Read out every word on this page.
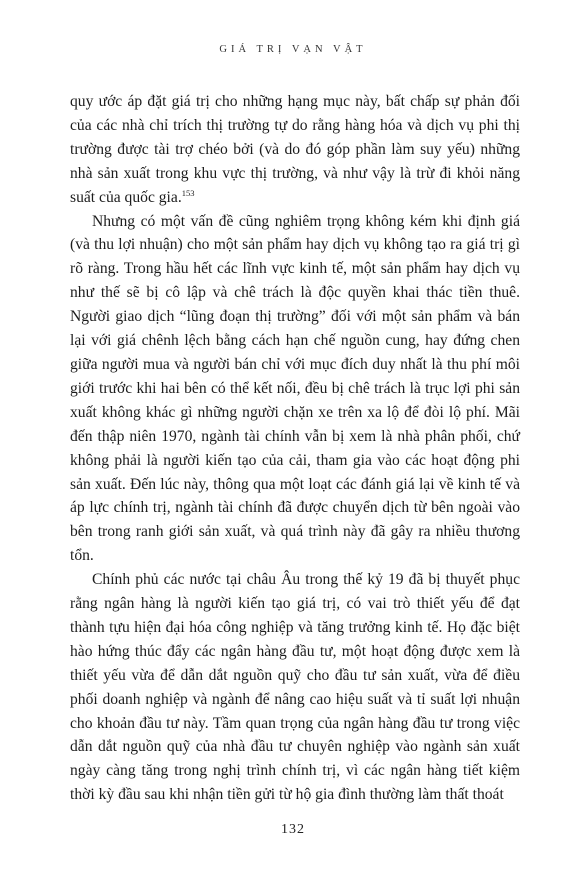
GIÁ TRỊ VẠN VẬT

quy ước áp đặt giá trị cho những hạng mục này, bất chấp sự phản đối của các nhà chỉ trích thị trường tự do rằng hàng hóa và dịch vụ phi thị trường được tài trợ chéo bởi (và do đó góp phần làm suy yếu) những nhà sản xuất trong khu vực thị trường, và như vậy là trừ đi khỏi năng suất của quốc gia.$^{153}$

Nhưng có một vấn đề cũng nghiêm trọng không kém khi định giá (và thu lợi nhuận) cho một sản phẩm hay dịch vụ không tạo ra giá trị gì rõ ràng. Trong hầu hết các lĩnh vực kinh tế, một sản phẩm hay dịch vụ như thế sẽ bị cô lập và chê trách là độc quyền khai thác tiền thuê. Người giao dịch “lũng đoạn thị trường” đối với một sản phẩm và bán lại với giá chênh lệch bằng cách hạn chế nguồn cung, hay đứng chen giữa người mua và người bán chỉ với mục đích duy nhất là thu phí môi giới trước khi hai bên có thể kết nối, đều bị chê trách là trục lợi phi sản xuất không khác gì những người chặn xe trên xa lộ để đòi lộ phí. Mãi đến thập niên 1970, ngành tài chính vẫn bị xem là nhà phân phối, chứ không phải là người kiến tạo của cải, tham gia vào các hoạt động phi sản xuất. Đến lúc này, thông qua một loạt các đánh giá lại về kinh tế và áp lực chính trị, ngành tài chính đã được chuyển dịch từ bên ngoài vào bên trong ranh giới sản xuất, và quá trình này đã gây ra nhiều thương tổn.

Chính phủ các nước tại châu Âu trong thế kỷ 19 đã bị thuyết phục rằng ngân hàng là người kiến tạo giá trị, có vai trò thiết yếu để đạt thành tựu hiện đại hóa công nghiệp và tăng trưởng kinh tế. Họ đặc biệt hào hứng thúc đẩy các ngân hàng đầu tư, một hoạt động được xem là thiết yếu vừa để dẫn dắt nguồn quỹ cho đầu tư sản xuất, vừa để điều phối doanh nghiệp và ngành để nâng cao hiệu suất và tỉ suất lợi nhuận cho khoản đầu tư này. Tầm quan trọng của ngân hàng đầu tư trong việc dẫn dắt nguồn quỹ của nhà đầu tư chuyên nghiệp vào ngành sản xuất ngày càng tăng trong nghị trình chính trị, vì các ngân hàng tiết kiệm thời kỳ đầu sau khi nhận tiền gửi từ hộ gia đình thường làm thất thoát

132
